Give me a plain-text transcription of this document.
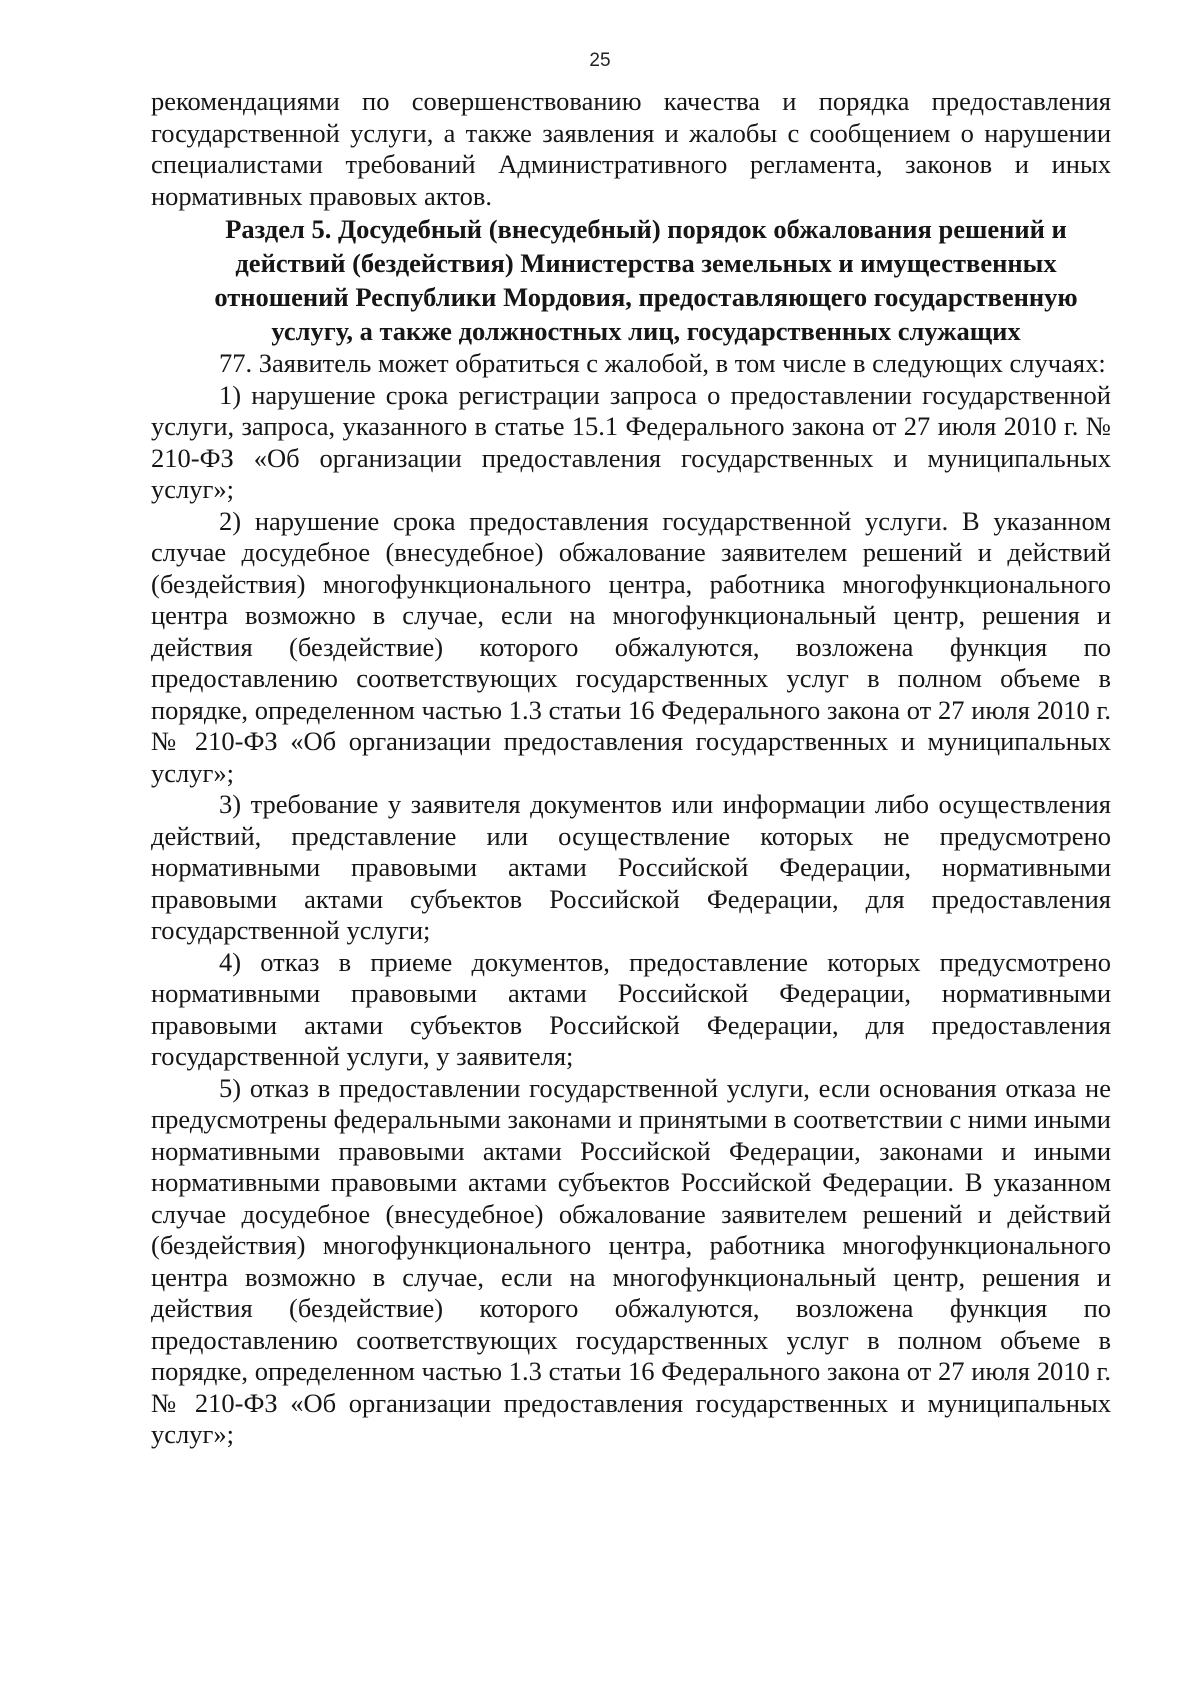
25

рекомендациями по совершенствованию качества и порядка предоставления государственной услуги, а также заявления и жалобы с сообщением о нарушении специалистами требований Административного регламента, законов и иных нормативных правовых актов.

Раздел 5. Досудебный (внесудебный) порядок обжалования решений и действий (бездействия) Министерства земельных и имущественных отношений Республики Мордовия, предоставляющего государственную услугу, а также должностных лиц, государственных служащих

77. Заявитель может обратиться с жалобой, в том числе в следующих случаях:

1) нарушение срока регистрации запроса о предоставлении государственной услуги, запроса, указанного в статье 15.1 Федерального закона от 27 июля 2010 г. № 210-ФЗ «Об организации предоставления государственных и муниципальных услуг»;

2) нарушение срока предоставления государственной услуги. В указанном случае досудебное (внесудебное) обжалование заявителем решений и действий (бездействия) многофункционального центра, работника многофункционального центра возможно в случае, если на многофункциональный центр, решения и действия (бездействие) которого обжалуются, возложена функция по предоставлению соответствующих государственных услуг в полном объеме в порядке, определенном частью 1.3 статьи 16 Федерального закона от 27 июля 2010 г. № 210-ФЗ «Об организации предоставления государственных и муниципальных услуг»;

3) требование у заявителя документов или информации либо осуществления действий, представление или осуществление которых не предусмотрено нормативными правовыми актами Российской Федерации, нормативными правовыми актами субъектов Российской Федерации, для предоставления государственной услуги;

4) отказ в приеме документов, предоставление которых предусмотрено нормативными правовыми актами Российской Федерации, нормативными правовыми актами субъектов Российской Федерации, для предоставления государственной услуги, у заявителя;

5) отказ в предоставлении государственной услуги, если основания отказа не предусмотрены федеральными законами и принятыми в соответствии с ними иными нормативными правовыми актами Российской Федерации, законами и иными нормативными правовыми актами субъектов Российской Федерации. В указанном случае досудебное (внесудебное) обжалование заявителем решений и действий (бездействия) многофункционального центра, работника многофункционального центра возможно в случае, если на многофункциональный центр, решения и действия (бездействие) которого обжалуются, возложена функция по предоставлению соответствующих государственных услуг в полном объеме в порядке, определенном частью 1.3 статьи 16 Федерального закона от 27 июля 2010 г. № 210-ФЗ «Об организации предоставления государственных и муниципальных услуг»;
